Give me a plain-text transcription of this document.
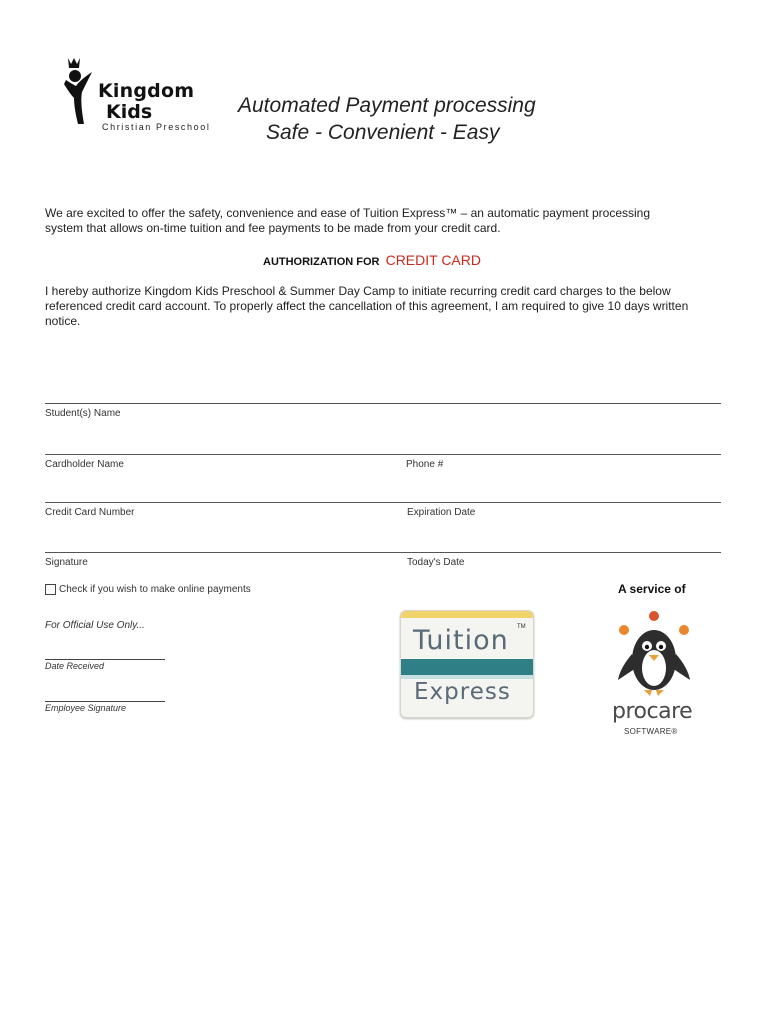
Kingdom
Kids
Christian Preschool
Automated Payment processing
Safe - Convenient - Easy
We are excited to offer the safety, convenience and ease of Tuition Express™ – an automatic payment processing
system that allows on-time tuition and fee payments to be made from your credit card.
AUTHORIZATION FOR CREDIT CARD
I hereby authorize Kingdom Kids Preschool & Summer Day Camp to initiate recurring credit card charges to the below
referenced credit card account. To properly affect the cancellation of this agreement, I am required to give 10 days written
notice.
Student(s) Name
Cardholder Name	Phone #
Credit Card Number	Expiration Date
Signature	Today's Date
Check if you wish to make online payments
For Official Use Only...
Date Received
Employee Signature
Tuition TM
Express
A service of
procare
SOFTWARE®
